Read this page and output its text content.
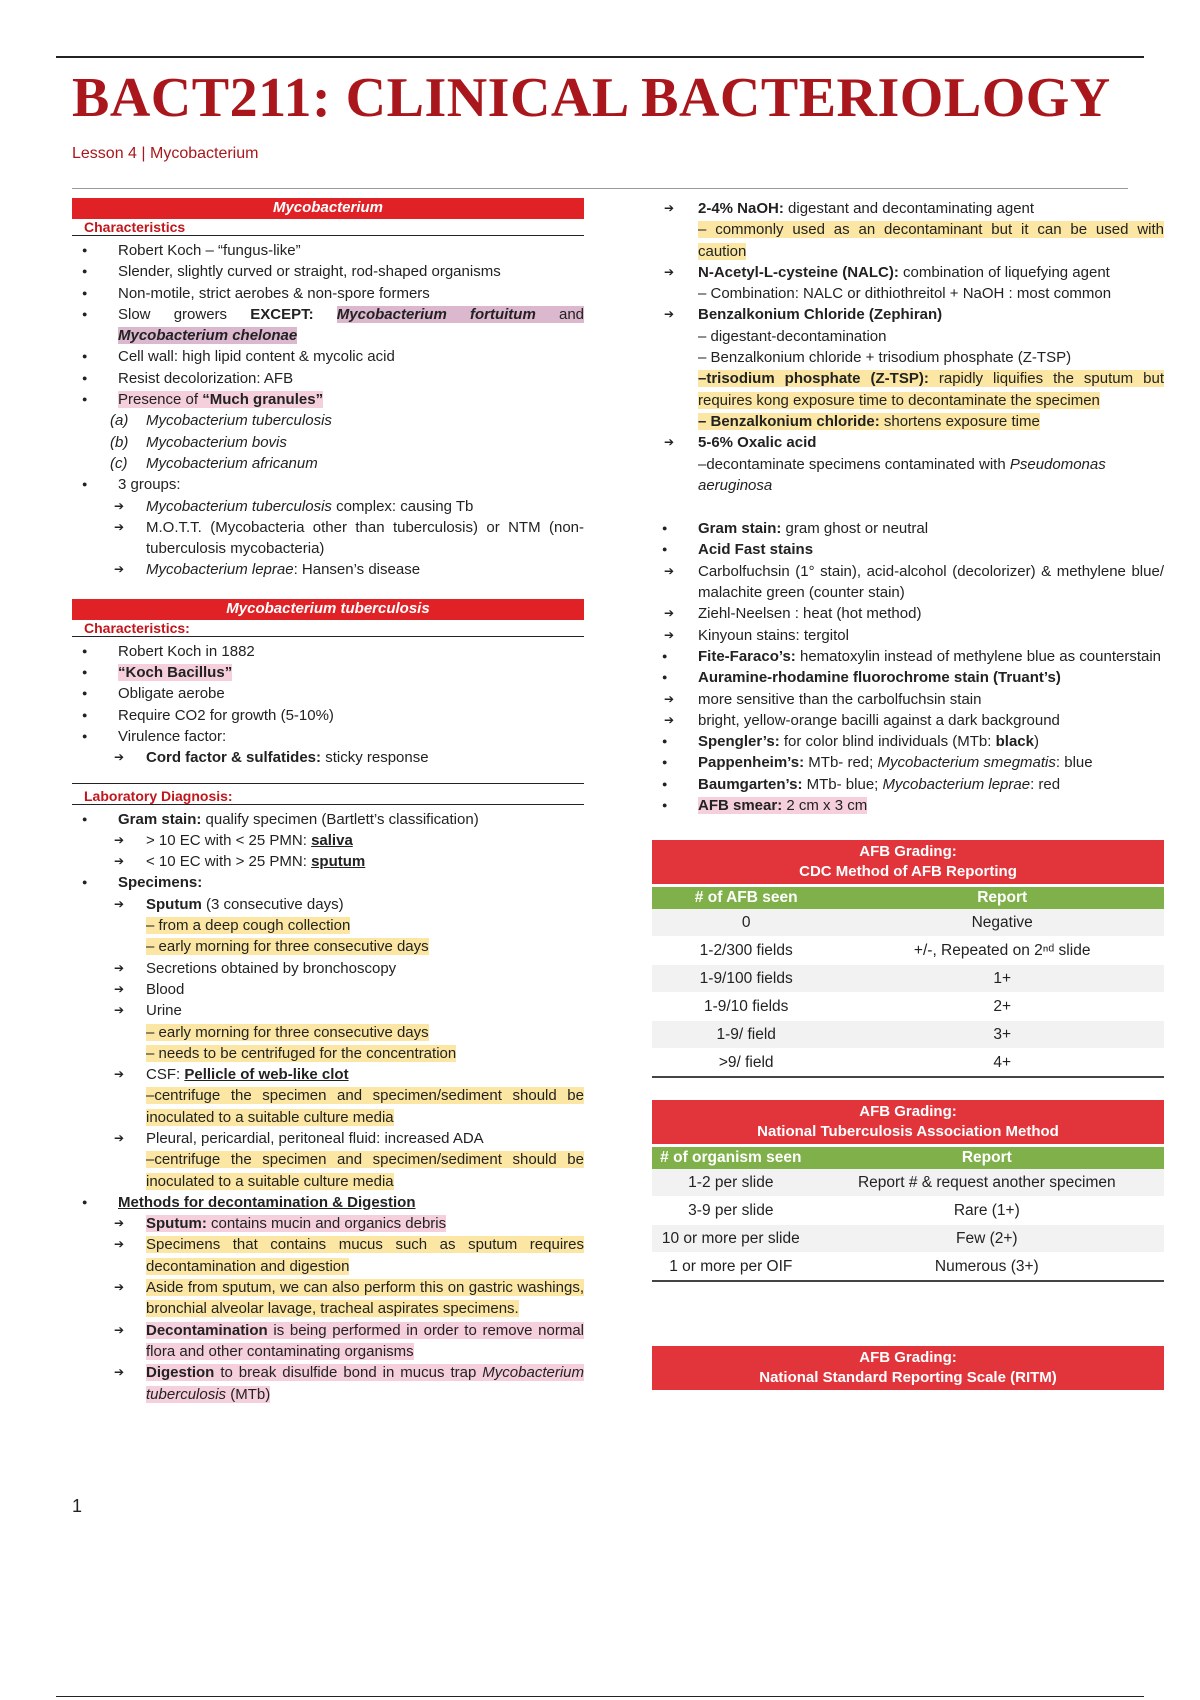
BACT211: CLINICAL BACTERIOLOGY
Lesson 4 | Mycobacterium
Mycobacterium
Characteristics
● Robert Koch – “fungus-like”
● Slender, slightly curved or straight, rod-shaped organisms
● Non-motile, strict aerobes & non-spore formers
● Slow growers EXCEPT: Mycobacterium fortuitum and Mycobacterium chelonae
● Cell wall: high lipid content & mycolic acid
● Resist decolorization: AFB
● Presence of “Much granules”
(a) Mycobacterium tuberculosis
(b) Mycobacterium bovis
(c) Mycobacterium africanum
● 3 groups:
➔ Mycobacterium tuberculosis complex: causing Tb
➔ M.O.T.T. (Mycobacteria other than tuberculosis) or NTM (non-tuberculosis mycobacteria)
➔ Mycobacterium leprae: Hansen’s disease
Mycobacterium tuberculosis
Characteristics:
● Robert Koch in 1882
● “Koch Bacillus”
● Obligate aerobe
● Require CO2 for growth (5-10%)
● Virulence factor:
➔ Cord factor & sulfatides: sticky response
Laboratory Diagnosis:
● Gram stain: qualify specimen (Bartlett’s classification)
➔ > 10 EC with < 25 PMN: saliva
➔ < 10 EC with > 25 PMN: sputum
● Specimens:
➔ Sputum (3 consecutive days)
– from a deep cough collection
– early morning for three consecutive days
➔ Secretions obtained by bronchoscopy
➔ Blood
➔ Urine
– early morning for three consecutive days
– needs to be centrifuged for the concentration
➔ CSF: Pellicle of web-like clot
–centrifuge the specimen and specimen/sediment should be inoculated to a suitable culture media
➔ Pleural, pericardial, peritoneal fluid: increased ADA
–centrifuge the specimen and specimen/sediment should be inoculated to a suitable culture media
● Methods for decontamination & Digestion
➔ Sputum: contains mucin and organics debris
➔ Specimens that contains mucus such as sputum requires decontamination and digestion
➔ Aside from sputum, we can also perform this on gastric washings, bronchial alveolar lavage, tracheal aspirates specimens.
➔ Decontamination is being performed in order to remove normal flora and other contaminating organisms
➔ Digestion to break disulfide bond in mucus trap Mycobacterium tuberculosis (MTb)
➔ 2-4% NaOH: digestant and decontaminating agent
– commonly used as an decontaminant but it can be used with caution
➔ N-Acetyl-L-cysteine (NALC): combination of liquefying agent
– Combination: NALC or dithiothreitol + NaOH : most common
➔ Benzalkonium Chloride (Zephiran)
– digestant-decontamination
– Benzalkonium chloride + trisodium phosphate (Z-TSP)
–trisodium phosphate (Z-TSP): rapidly liquifies the sputum but requires kong exposure time to decontaminate the specimen
– Benzalkonium chloride: shortens exposure time
➔ 5-6% Oxalic acid
–decontaminate specimens contaminated with Pseudomonas aeruginosa
● Gram stain: gram ghost or neutral
● Acid Fast stains
➔ Carbolfuchsin (1° stain), acid-alcohol (decolorizer) & methylene blue/ malachite green (counter stain)
➔ Ziehl-Neelsen : heat (hot method)
➔ Kinyoun stains: tergitol
● Fite-Faraco’s: hematoxylin instead of methylene blue as counterstain
● Auramine-rhodamine fluorochrome stain (Truant’s)
➔ more sensitive than the carbolfuchsin stain
➔ bright, yellow-orange bacilli against a dark background
● Spengler’s: for color blind individuals (MTb: black)
● Pappenheim’s: MTb- red; Mycobacterium smegmatis: blue
● Baumgarten’s: MTb- blue; Mycobacterium leprae: red
● AFB smear: 2 cm x 3 cm
AFB Grading:
CDC Method of AFB Reporting
# of AFB seen	Report
0	Negative
1-2/300 fields	+/-, Repeated on 2ⁿᵈ slide
1-9/100 fields	1+
1-9/10 fields	2+
1-9/ field	3+
>9/ field	4+
AFB Grading:
National Tuberculosis Association Method
# of organism seen	Report
1-2 per slide	Report # & request another specimen
3-9 per slide	Rare (1+)
10 or more per slide	Few (2+)
1 or more per OIF	Numerous (3+)
AFB Grading:
National Standard Reporting Scale (RITM)
1
